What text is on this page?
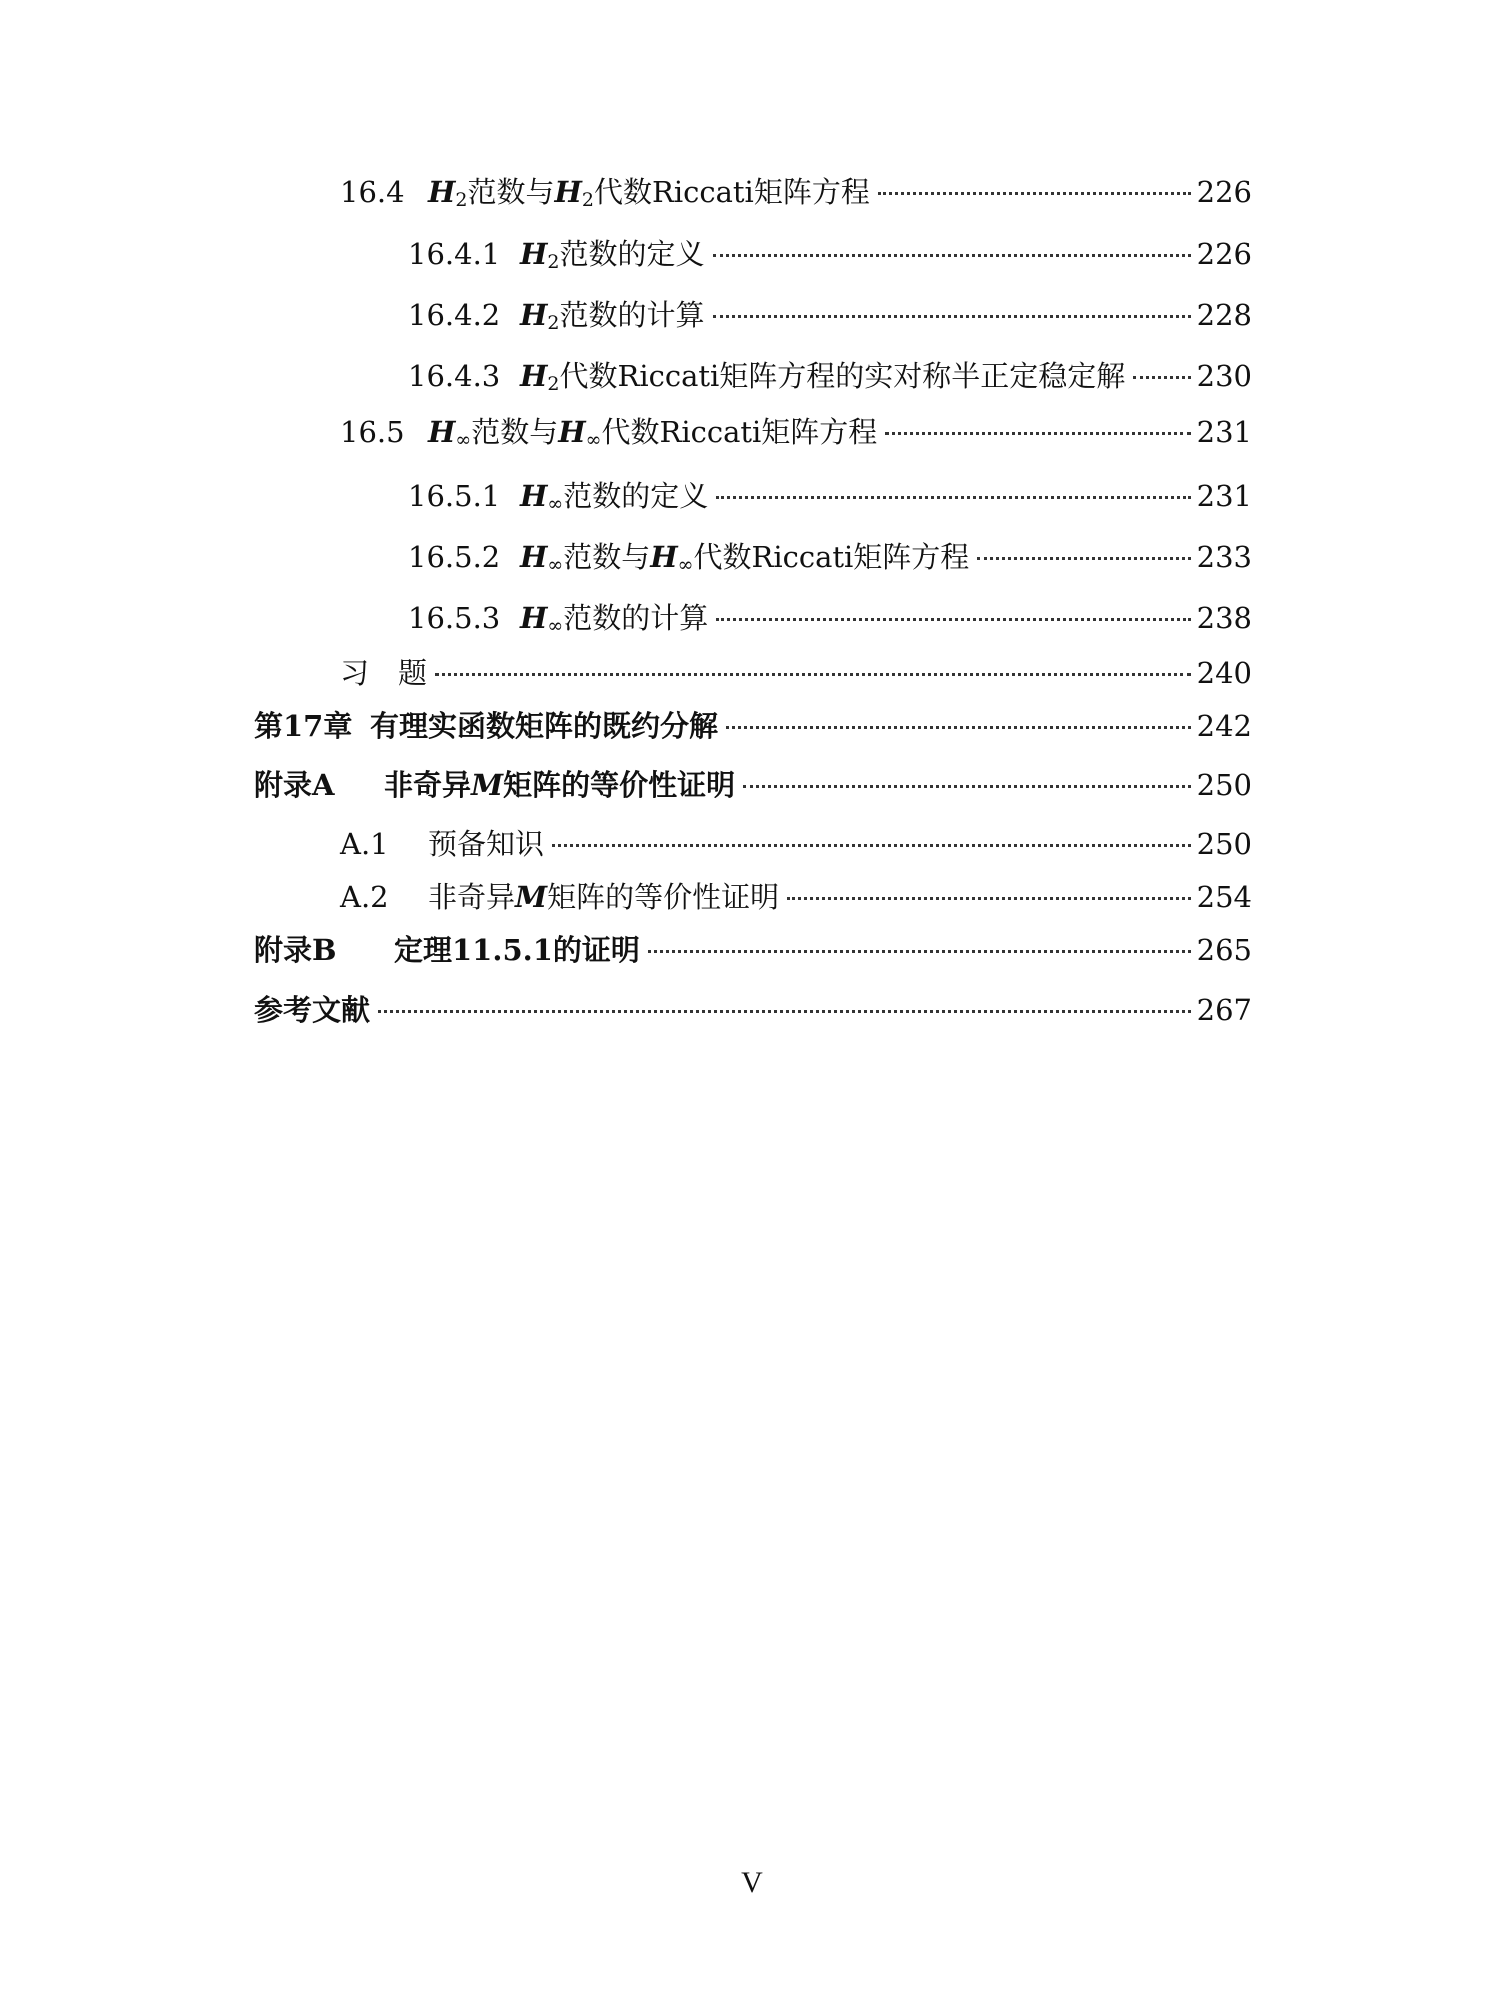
16.4 $H_2$范数与$H_2$代数Riccati矩阵方程	226
16.4.1 $H_2$范数的定义	226
16.4.2 $H_2$范数的计算	228
16.4.3 $H_2$代数Riccati矩阵方程的实对称半正定稳定解 230
16.5 $H_\infty$范数与$H_\infty$代数Riccati矩阵方程	231
16.5.1 $H_\infty$范数的定义	231
16.5.2 $H_\infty$范数与$H_\infty$代数Riccati矩阵方程	233
16.5.3 $H_\infty$范数的计算	238
习　题	240
第17章 有理实函数矩阵的既约分解	242
附录A	非奇异M矩阵的等价性证明	250
A.1	预备知识	250
A.2	非奇异M矩阵的等价性证明	254
附录B	定理11.5.1的证明	265
参考文献	267
V
